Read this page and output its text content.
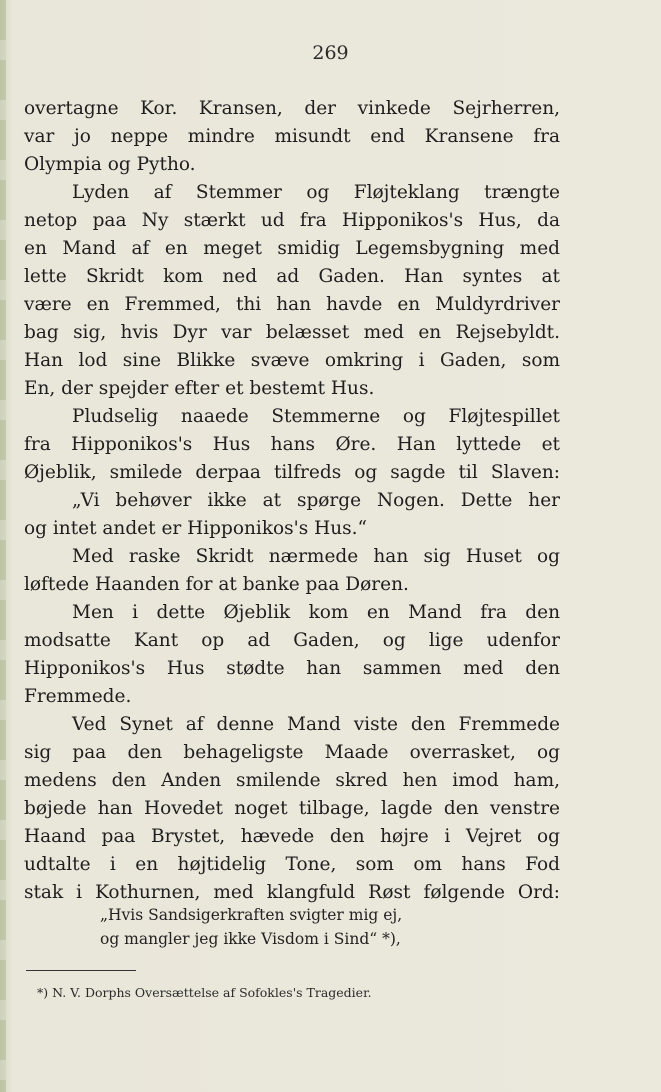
269
overtagne Kor. Kransen, der vinkede Sejrherren,
var jo neppe mindre misundt end Kransene fra
Olympia og Pytho.
Lyden af Stemmer og Fløjteklang trængte
netop paa Ny stærkt ud fra Hipponikos's Hus, da
en Mand af en meget smidig Legemsbygning med
lette Skridt kom ned ad Gaden. Han syntes at
være en Fremmed, thi han havde en Muldyrdriver
bag sig, hvis Dyr var belæsset med en Rejsebyldt.
Han lod sine Blikke svæve omkring i Gaden, som
En, der spejder efter et bestemt Hus.
Pludselig naaede Stemmerne og Fløjtespillet
fra Hipponikos's Hus hans Øre. Han lyttede et
Øjeblik, smilede derpaa tilfreds og sagde til Slaven:
„Vi behøver ikke at spørge Nogen. Dette her
og intet andet er Hipponikos's Hus.“
Med raske Skridt nærmede han sig Huset og
løftede Haanden for at banke paa Døren.
Men i dette Øjeblik kom en Mand fra den
modsatte Kant op ad Gaden, og lige udenfor
Hipponikos's Hus stødte han sammen med den
Fremmede.
Ved Synet af denne Mand viste den Fremmede
sig paa den behageligste Maade overrasket, og
medens den Anden smilende skred hen imod ham,
bøjede han Hovedet noget tilbage, lagde den venstre
Haand paa Brystet, hævede den højre i Vejret og
udtalte i en højtidelig Tone, som om hans Fod
stak i Kothurnen, med klangfuld Røst følgende Ord:
„Hvis Sandsigerkraften svigter mig ej,
og mangler jeg ikke Visdom i Sind“ *),
*) N. V. Dorphs Oversættelse af Sofokles's Tragedier.
